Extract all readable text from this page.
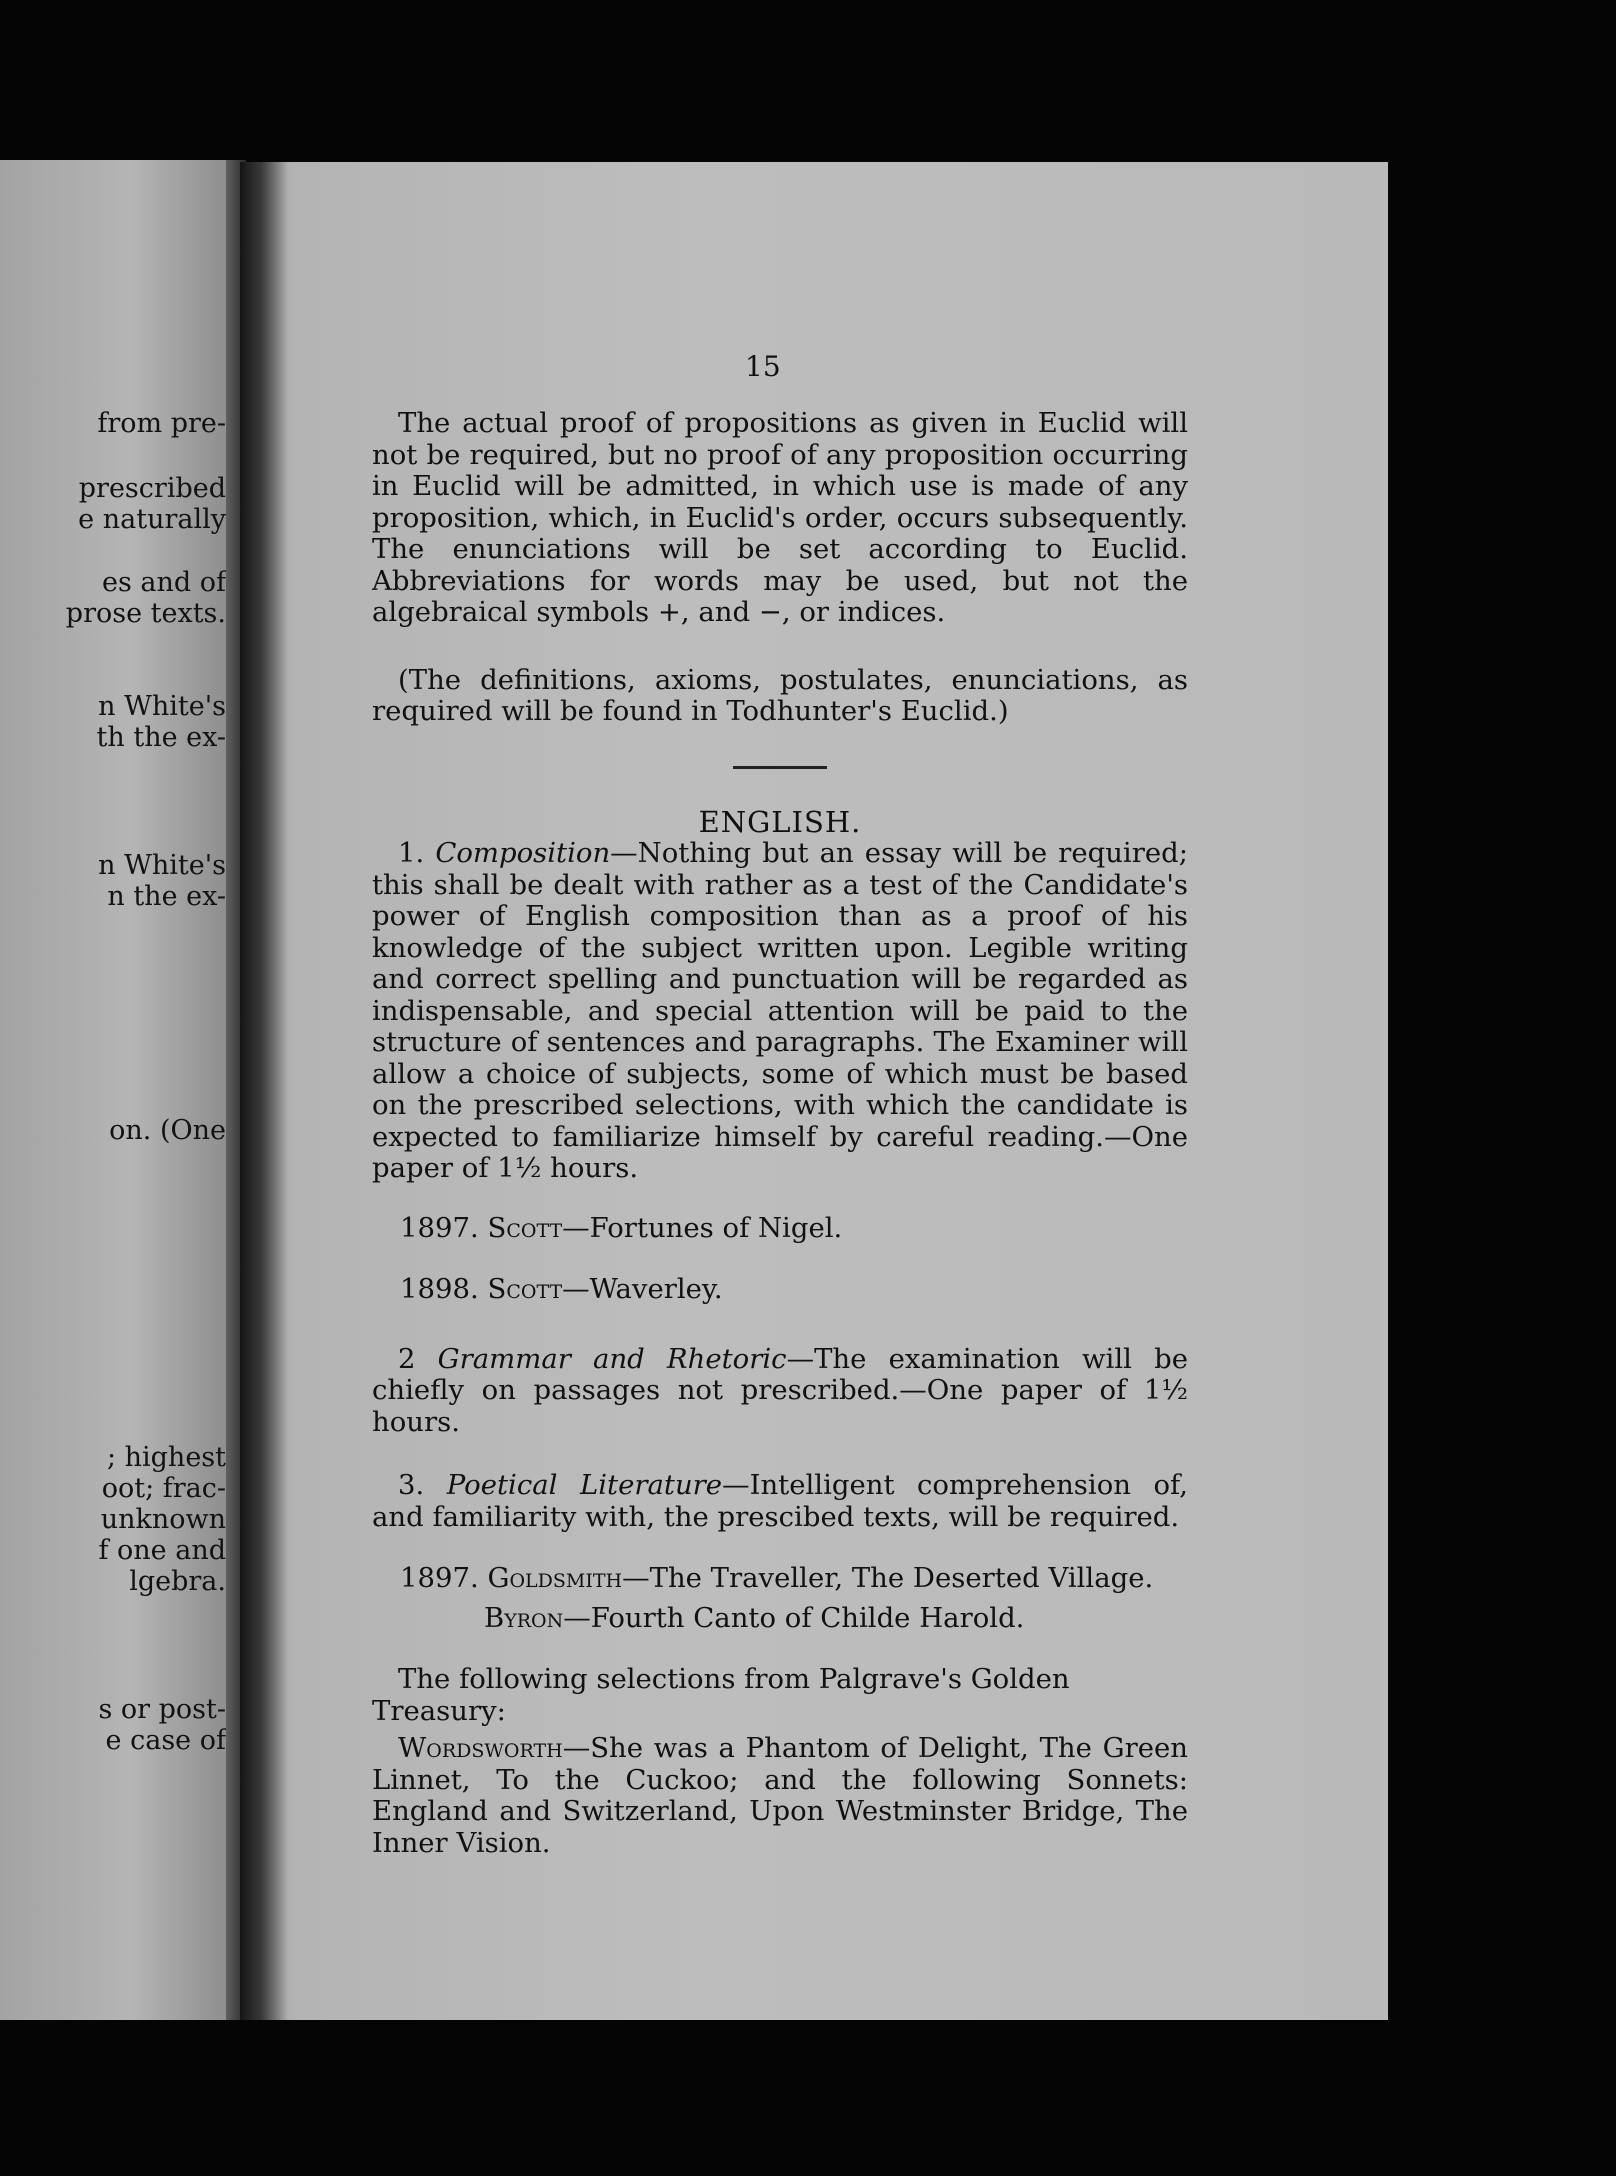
from pre-

prescribed

e naturally

es and of

prose texts.

n White's

th the ex-

n White's

n the ex-

on. (One

; highest

oot; frac-

unknown

f one and

lgebra.

s or post-

e case of

15

The actual proof of propositions as given in Euclid will not be required, but no proof of any proposition occurring in Euclid will be admitted, in which use is made of any proposition, which, in Euclid's order, occurs subsequently. The enunciations will be set according to Euclid. Abbreviations for words may be used, but not the algebraical symbols +, and −, or indices.

(The definitions, axioms, postulates, enunciations, as required will be found in Todhunter's Euclid.)

ENGLISH.

1. Composition—Nothing but an essay will be required; this shall be dealt with rather as a test of the Candidate's power of English composition than as a proof of his knowledge of the subject written upon. Legible writing and correct spelling and punctuation will be regarded as indispensable, and special attention will be paid to the structure of sentences and paragraphs. The Examiner will allow a choice of subjects, some of which must be based on the prescribed selections, with which the candidate is expected to familiarize himself by careful reading.—One paper of 1½ hours.

1897. Scott—Fortunes of Nigel.

1898. Scott—Waverley.

2 Grammar and Rhetoric—The examination will be chiefly on passages not prescribed.—One paper of 1½ hours.

3. Poetical Literature—Intelligent comprehension of, and familiarity with, the prescibed texts, will be required.

1897. Goldsmith—The Traveller, The Deserted Village.

Byron—Fourth Canto of Childe Harold.

The following selections from Palgrave's Golden Treasury:

Wordsworth—She was a Phantom of Delight, The Green Linnet, To the Cuckoo; and the following Sonnets: England and Switzerland, Upon Westminster Bridge, The Inner Vision.
